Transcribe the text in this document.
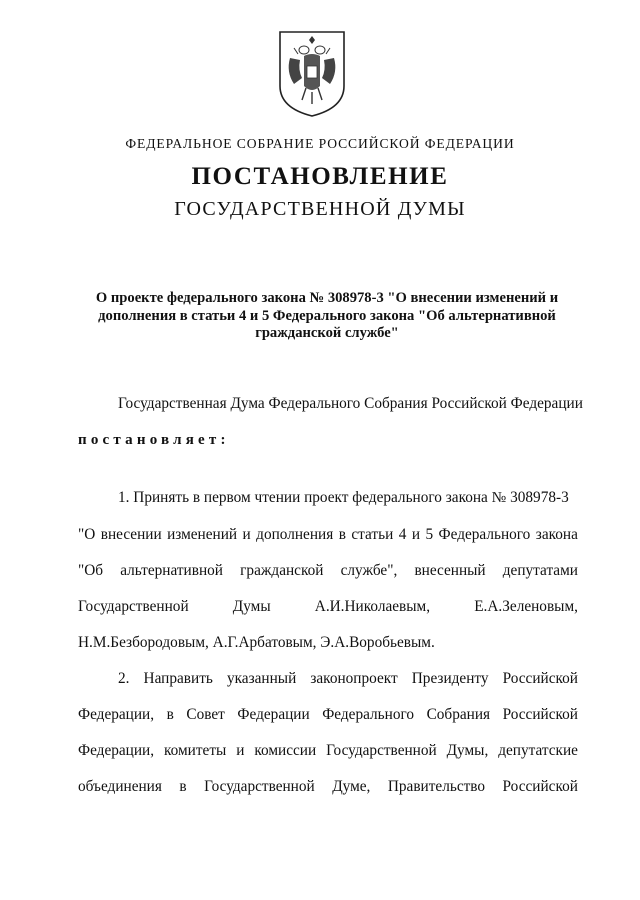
ФЕДЕРАЛЬНОЕ СОБРАНИЕ РОССИЙСКОЙ ФЕДЕРАЦИИ
ПОСТАНОВЛЕНИЕ
ГОСУДАРСТВЕННОЙ ДУМЫ
О проекте федерального закона № 308978-3 "О внесении изменений и
дополнения в статьи 4 и 5 Федерального закона "Об альтернативной
гражданской службе"
Государственная Дума Федерального Собрания Российской Федерации
постановляет:
1. Принять в первом чтении проект федерального закона № 308978-3
"О внесении изменений и дополнения в статьи 4 и 5 Федерального закона
"Об альтернативной гражданской службе", внесенный депутатами
Государственной	Думы	А.И.Николаевым,	Е.А.Зеленовым,
Н.М.Безбородовым, А.Г.Арбатовым, Э.А.Воробьевым.
2. Направить указанный законопроект Президенту Российской
Федерации, в Совет Федерации Федерального Собрания Российской
Федерации, комитеты и комиссии Государственной Думы, депутатские
объединения в Государственной Думе, Правительство Российской
